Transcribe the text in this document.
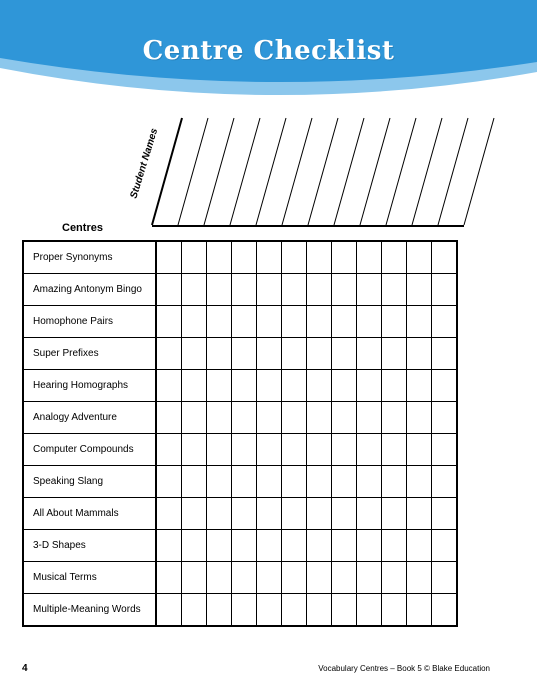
Centre Checklist
Student Names
Centres
Proper Synonyms												
Amazing Antonym Bingo												
Homophone Pairs												
Super Prefixes												
Hearing Homographs												
Analogy Adventure												
Computer Compounds												
Speaking Slang												
All About Mammals												
3-D Shapes												
Musical Terms												
Multiple-Meaning Words												
4	Vocabulary Centres – Book 5 © Blake Education
